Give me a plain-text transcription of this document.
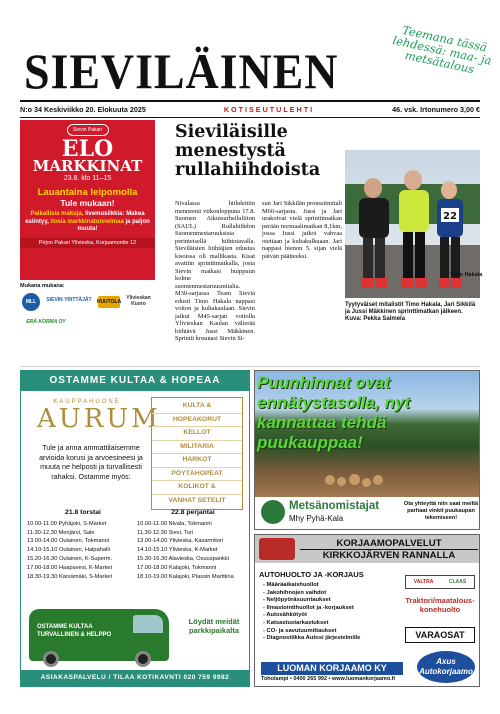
SIEVILÄINEN
Teemana tässä lehdessä: maa- ja metsätalous
N:o 34 Keskiviikko 20. Elokuuta 2025	KOTISEUTULEHTI	46. vsk. Irtonumero 3,00 €
Sievin Pakari
ELO
MARKKINAT
23.8. klo 11–15
Lauantaina leipomolla
Tule mukaan!
Paikallisia makuja, livemusiikkia: Makea esiintyy, ilosia markkinatunnelmaa ja paljon muuta!
Pirjon Pakari Ylivieska, Korjaamontie 12
Mukana mukana:
MLL	SIEVIN YRITTÄJÄT	HUUTOLA
Ylivieskan Kuoro
ERÄ-KORMA OY
Sieviläisille menestystä rullahiihdoista
Nivalassa hiihdettiin menneenä viikonloppuna 17.8. Suomen Aikuisurheiluliiton (SAUL) Rullahiihdon Suomenmestaruuksista perinteisellä hiihtotavalla. Sieviläisten hiihtäjien edustus kisoissa oli mallikasta. Kisat avattiin sprinttimatkalla, josta Sievin matkasi huippuun kolme suomenmestaruusmitalia. M30-sarjassa Team Sieviä edusti Timo Hakala nappasi voiton ja kultakaulaan. Sievin jatkui M45-sarjan voitolla Ylivieskan Kaulan välierää hiihtävä Jussi Mäkkinen. Sprintit kruunasi Sievin Si-
sun Jari Sikkilän pronssitmitali M60-sarjasta. Jussi ja Jari urakoivat vielä sprinttimatkan perään normaalimatkan 8,1km, jossa Jussi jatkoi vahvaa otettaan ja kultakulkuaan. Jari nappasi hienon 5. sijan vielä päivän päätteeksi.
22
Timo Hakala
Tyytyväiset mitalistit Timo Hakala, Jari Sikkilä ja Jussi Mäkkinen sprinttimatkan jälkeen. Kuva: Pekka Salmela
OSTAMME KULTAA & HOPEAA
KAUPPAHUONE
AURUM
Tule ja anna ammattilaisemme arvioida korusi ja arvoesineesi ja muuta ne helposti ja turvallisesti rahaksi. Ostamme myös:
KULTA &
HOPEAKORUT
KELLOT
MILITARIA
HARKOT
PÖYTÄHOPEAT
KOLIKOT &
VANHAT SETELIT
21.8 torstai
10.00-11.00 Pyhäjoki, S-Market
11.30-12.30 Merijärvi, Sale
13.00-14.00 Oulainen, Tokmanni
14.10-15.10 Oulainen, Halpahalli
15.20-16.30 Oulainen, K-Superm.
17.00-18.00 Haapavesi, K-Market
18.30-19.30 Kärsämäki, S-Market
22.8 perjantai
10.00-11.00 Nivala, Tokmanni
11.30-12.30 Sievi, Tori
13.00-14.00 Ylivieska, Kasarmitori
14.10-15.10 Ylivieska, K-Market
15.30-16.30 Alavieska, Osuuspankki
17.00-18.00 Kalajoki, Tokmanni
18.10-19.00 Kalajoki, Plassin Marttiina
OSTAMME KULTAA
TURVALLINEN & HELPPO
Löydät meidät parkkipaikalta
ASIAKASPALVELU / TILAA KOTIKAVNTI 020 759 9982
Puunhinnat ovat ennätystasolla, nyt kannattaa tehdä puukauppaa!
Metsänomistajat
Mhy Pyhä-Kala
Ota yhteyttä niin saat meiltä parhaat vinkit puukaupan tekemiseen!
KORJAAMOPALVELUT
KIRKKOJÄRVEN RANNALLA
AUTOHUOLTO JA -KORJAUS
- Määräaikaishuollot
- Jakohihnojen vaihdot
- Neljöpyöräsuuntaukset
- Ilmastointihuollot ja -korjaukset
- Autosähkötyöt
- Katsastustarkastukset
- CO- ja savutuumittaukset
- Diagnostiikka Autosi järjestelmille
VALTRA	CLAAS
Traktori/maatalous-konehuolto
VARAOSAT
LUOMAN KORJAAMO KY
Toholampi • 0400 265 992 • www.luomankorjaamo.fi
Axus Autokorjaamo
